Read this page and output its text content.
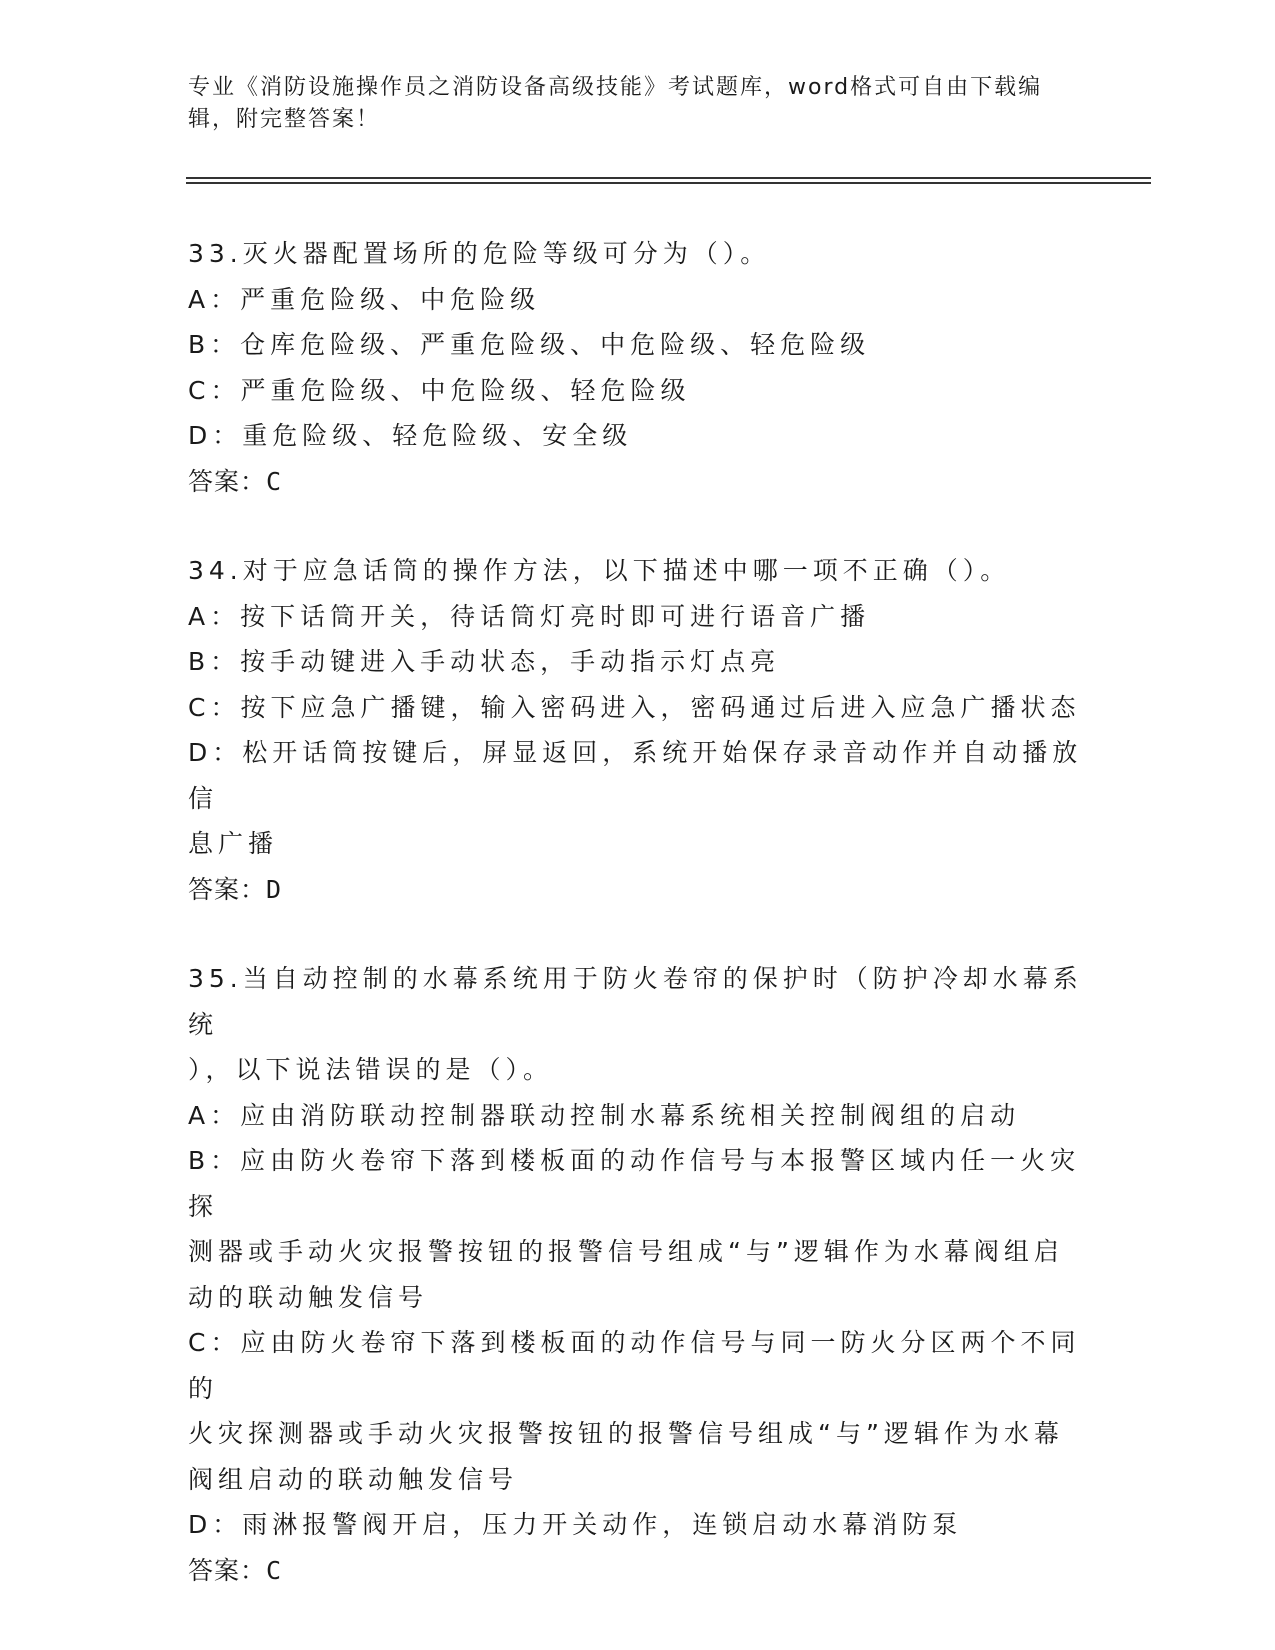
专业《消防设施操作员之消防设备高级技能》考试题库，word格式可自由下载编
辑，附完整答案！
33.灭火器配置场所的危险等级可分为（）。
A：严重危险级、中危险级
B：仓库危险级、严重危险级、中危险级、轻危险级
C：严重危险级、中危险级、轻危险级
D：重危险级、轻危险级、安全级
答案：C
34.对于应急话筒的操作方法，以下描述中哪一项不正确（）。
A：按下话筒开关，待话筒灯亮时即可进行语音广播
B：按手动键进入手动状态，手动指示灯点亮
C：按下应急广播键，输入密码进入，密码通过后进入应急广播状态
D：松开话筒按键后，屏显返回，系统开始保存录音动作并自动播放信
息广播
答案：D
35.当自动控制的水幕系统用于防火卷帘的保护时（防护冷却水幕系统
），以下说法错误的是（）。
A：应由消防联动控制器联动控制水幕系统相关控制阀组的启动
B：应由防火卷帘下落到楼板面的动作信号与本报警区域内任一火灾探
测器或手动火灾报警按钮的报警信号组成“与”逻辑作为水幕阀组启
动的联动触发信号
C：应由防火卷帘下落到楼板面的动作信号与同一防火分区两个不同的
火灾探测器或手动火灾报警按钮的报警信号组成“与”逻辑作为水幕
阀组启动的联动触发信号
D：雨淋报警阀开启，压力开关动作，连锁启动水幕消防泵
答案：C
